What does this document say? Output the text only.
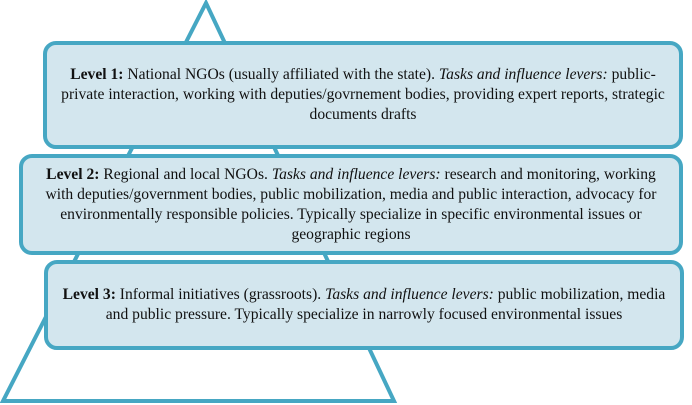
Level 1: National NGOs (usually affiliated with the state). Tasks and influence levers: public-private interaction, working with deputies/govrnement bodies, providing expert reports, strategic documents drafts

Level 2: Regional and local NGOs. Tasks and influence levers: research and monitoring, working with deputies/government bodies, public mobilization, media and public interaction, advocacy for environmentally responsible policies. Typically specialize in specific environmental issues or geographic regions

Level 3: Informal initiatives (grassroots). Tasks and influence levers: public mobilization, media and public pressure. Typically specialize in narrowly focused environmental issues
